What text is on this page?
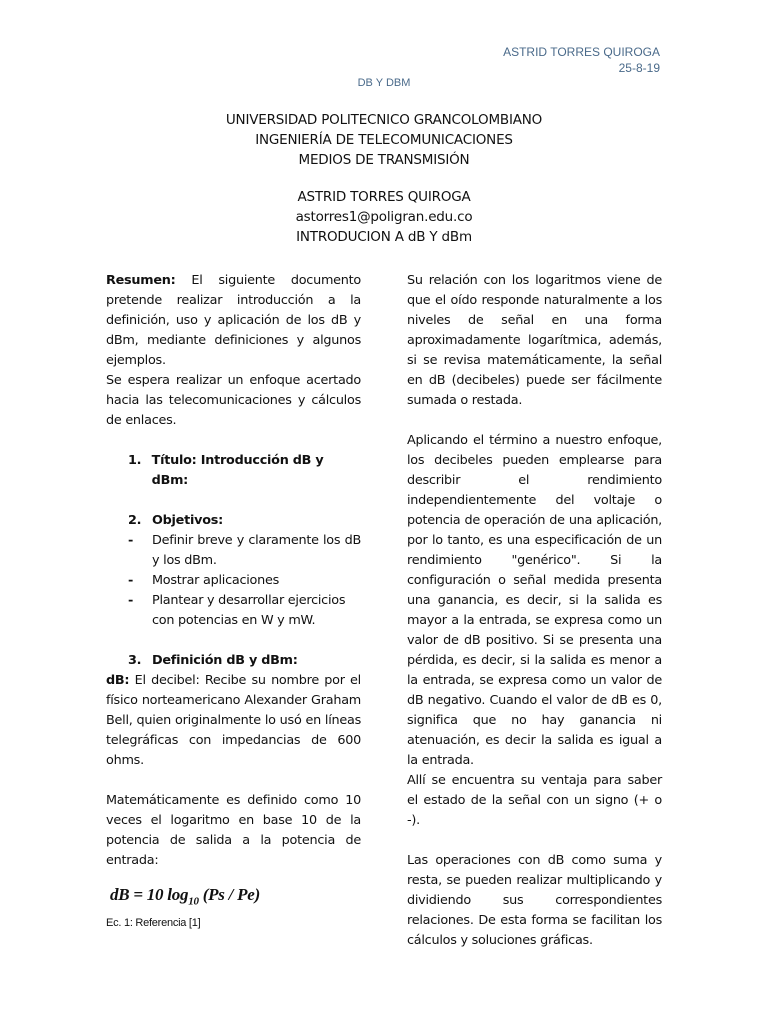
ASTRID TORRES QUIROGA
25-8-19
DB Y DBM
UNIVERSIDAD POLITECNICO GRANCOLOMBIANO
INGENIERÍA DE TELECOMUNICACIONES
MEDIOS DE TRANSMISIÓN
ASTRID TORRES QUIROGA
astorres1@poligran.edu.co
INTRODUCION A dB Y dBm
Resumen: El siguiente documento pretende realizar introducción a la definición, uso y aplicación de los dB y dBm, mediante definiciones y algunos ejemplos.
Se espera realizar un enfoque acertado hacia las telecomunicaciones y cálculos de enlaces.
1. Título: Introducción dB y dBm:
2. Objetivos:
-	Definir breve y claramente los dB y los dBm.
-	Mostrar aplicaciones
-	Plantear y desarrollar ejercicios con potencias en W y mW.
3. Definición dB y dBm:
dB: El decibel: Recibe su nombre por el físico norteamericano Alexander Graham Bell, quien originalmente lo usó en líneas telegráficas con impedancias de 600 ohms.
Matemáticamente es definido como 10 veces el logaritmo en base 10 de la potencia de salida a la potencia de entrada:
dB = 10 $\log_{10} (Ps / Pe)$
Ec. 1: Referencia [1]
Su relación con los logaritmos viene de que el oído responde naturalmente a los niveles de señal en una forma aproximadamente logarítmica, además, si se revisa matemáticamente, la señal en dB (decibeles) puede ser fácilmente sumada o restada.
Aplicando el término a nuestro enfoque, los decibeles pueden emplearse para describir el rendimiento independientemente del voltaje o potencia de operación de una aplicación, por lo tanto, es una especificación de un rendimiento "genérico". Si la configuración o señal medida presenta una ganancia, es decir, si la salida es mayor a la entrada, se expresa como un valor de dB positivo. Si se presenta una pérdida, es decir, si la salida es menor a la entrada, se expresa como un valor de dB negativo. Cuando el valor de dB es 0, significa que no hay ganancia ni atenuación, es decir la salida es igual a la entrada.
Allí se encuentra su ventaja para saber el estado de la señal con un signo (+ o -).
Las operaciones con dB como suma y resta, se pueden realizar multiplicando y dividiendo sus correspondientes relaciones. De esta forma se facilitan los cálculos y soluciones gráficas.
